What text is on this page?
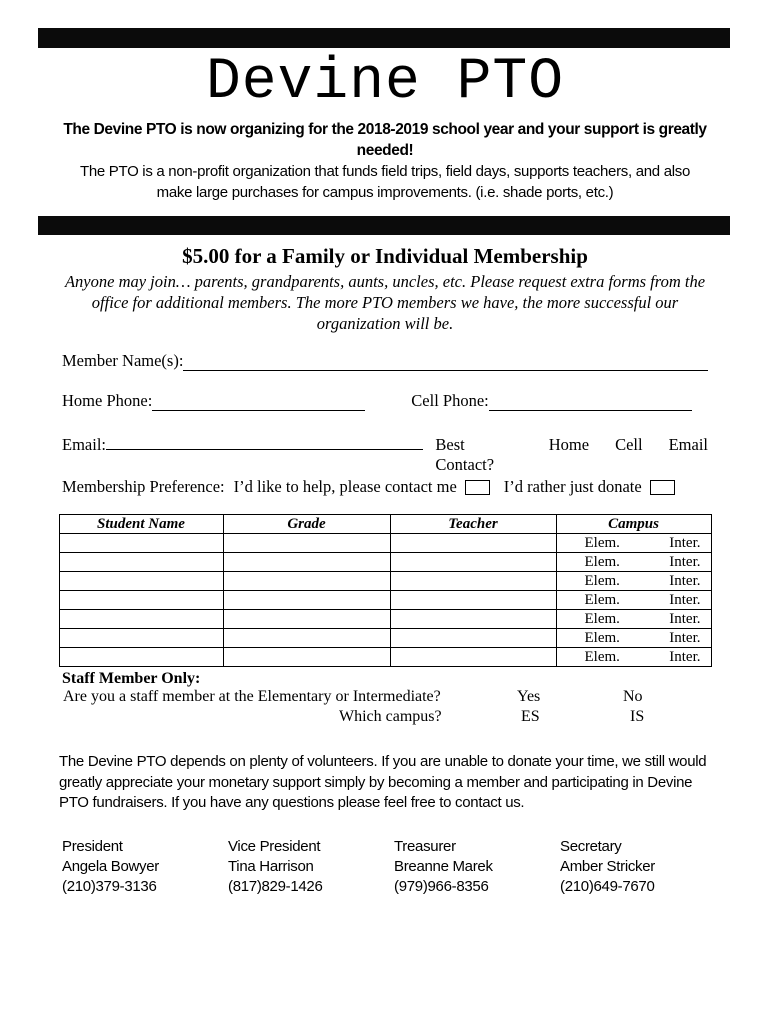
Devine PTO

The Devine PTO is now organizing for the 2018-2019 school year and your support is greatly needed!

The PTO is a non-profit organization that funds field trips, field days, supports teachers, and also make large purchases for campus improvements. (i.e. shade ports, etc.)

$5.00 for a Family or Individual Membership

Anyone may join… parents, grandparents, aunts, uncles, etc. Please request extra forms from the office for additional members. The more PTO members we have, the more successful our organization will be.

Member Name(s):
Home Phone:	Cell Phone:
Email:	Best Contact?
Home Cell Email
Membership Preference: I’d like to help, please contact me	I’d rather just donate
Student Name	Grade	Teacher	Campus

			Elem. Inter.

			Elem. Inter.

			Elem. Inter.

			Elem. Inter.

			Elem. Inter.

			Elem. Inter.

			Elem. Inter.
Staff Member Only:
Are you a staff member at the Elementary or Intermediate?	Yes	No
Which campus?	ES	IS

The Devine PTO depends on plenty of volunteers. If you are unable to donate your time, we still would greatly appreciate your monetary support simply by becoming a member and participating in Devine PTO fundraisers. If you have any questions please feel free to contact us.

President
Angela Bowyer
(210)379-3136
Vice President
Tina Harrison
(817)829-1426
Treasurer
Breanne Marek
(979)966-8356
Secretary
Amber Stricker
(210)649-7670
